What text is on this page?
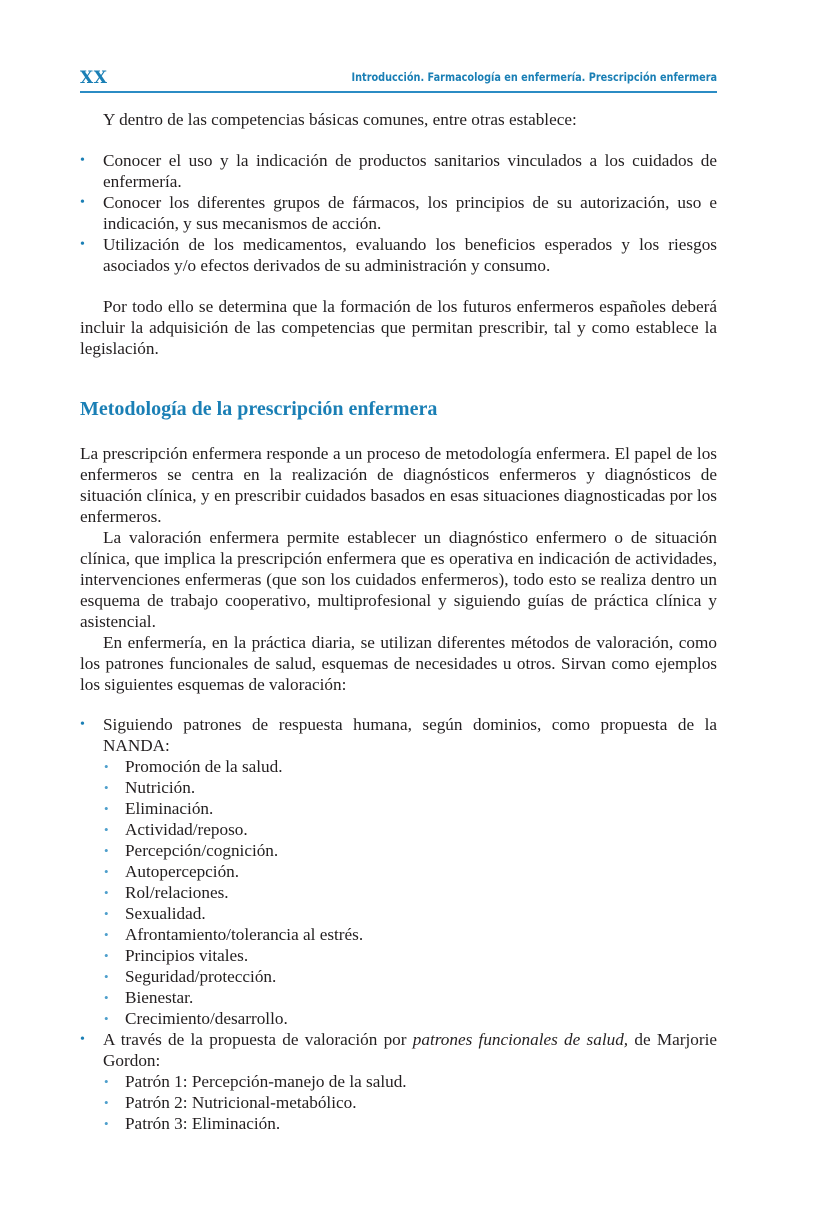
XX	Introducción. Farmacología en enfermería. Prescripción enfermera

Y dentro de las competencias básicas comunes, entre otras establece:

• Conocer el uso y la indicación de productos sanitarios vinculados a los cuidados de enfermería.
• Conocer los diferentes grupos de fármacos, los principios de su autorización, uso e indicación, y sus mecanismos de acción.
• Utilización de los medicamentos, evaluando los beneficios esperados y los riesgos asociados y/o efectos derivados de su administración y consumo.

Por todo ello se determina que la formación de los futuros enfermeros españoles deberá incluir la adquisición de las competencias que permitan prescribir, tal y como establece la legislación.

Metodología de la prescripción enfermera

La prescripción enfermera responde a un proceso de metodología enfermera. El papel de los enfermeros se centra en la realización de diagnósticos enfermeros y diagnósticos de situación clínica, y en prescribir cuidados basados en esas situaciones diagnosticadas por los enfermeros.

La valoración enfermera permite establecer un diagnóstico enfermero o de situación clínica, que implica la prescripción enfermera que es operativa en indicación de actividades, intervenciones enfermeras (que son los cuidados enfermeros), todo esto se realiza dentro un esquema de trabajo cooperativo, multiprofesional y siguiendo guías de práctica clínica y asistencial.

En enfermería, en la práctica diaria, se utilizan diferentes métodos de valoración, como los patrones funcionales de salud, esquemas de necesidades u otros. Sirvan como ejemplos los siguientes esquemas de valoración:

• Siguiendo patrones de respuesta humana, según dominios, como propuesta de la NANDA:
• Promoción de la salud.
• Nutrición.
• Eliminación.
• Actividad/reposo.
• Percepción/cognición.
• Autopercepción.
• Rol/relaciones.
• Sexualidad.
• Afrontamiento/tolerancia al estrés.
• Principios vitales.
• Seguridad/protección.
• Bienestar.
• Crecimiento/desarrollo.
• A través de la propuesta de valoración por patrones funcionales de salud, de Marjorie Gordon:
• Patrón 1: Percepción-manejo de la salud.
• Patrón 2: Nutricional-metabólico.
• Patrón 3: Eliminación.
